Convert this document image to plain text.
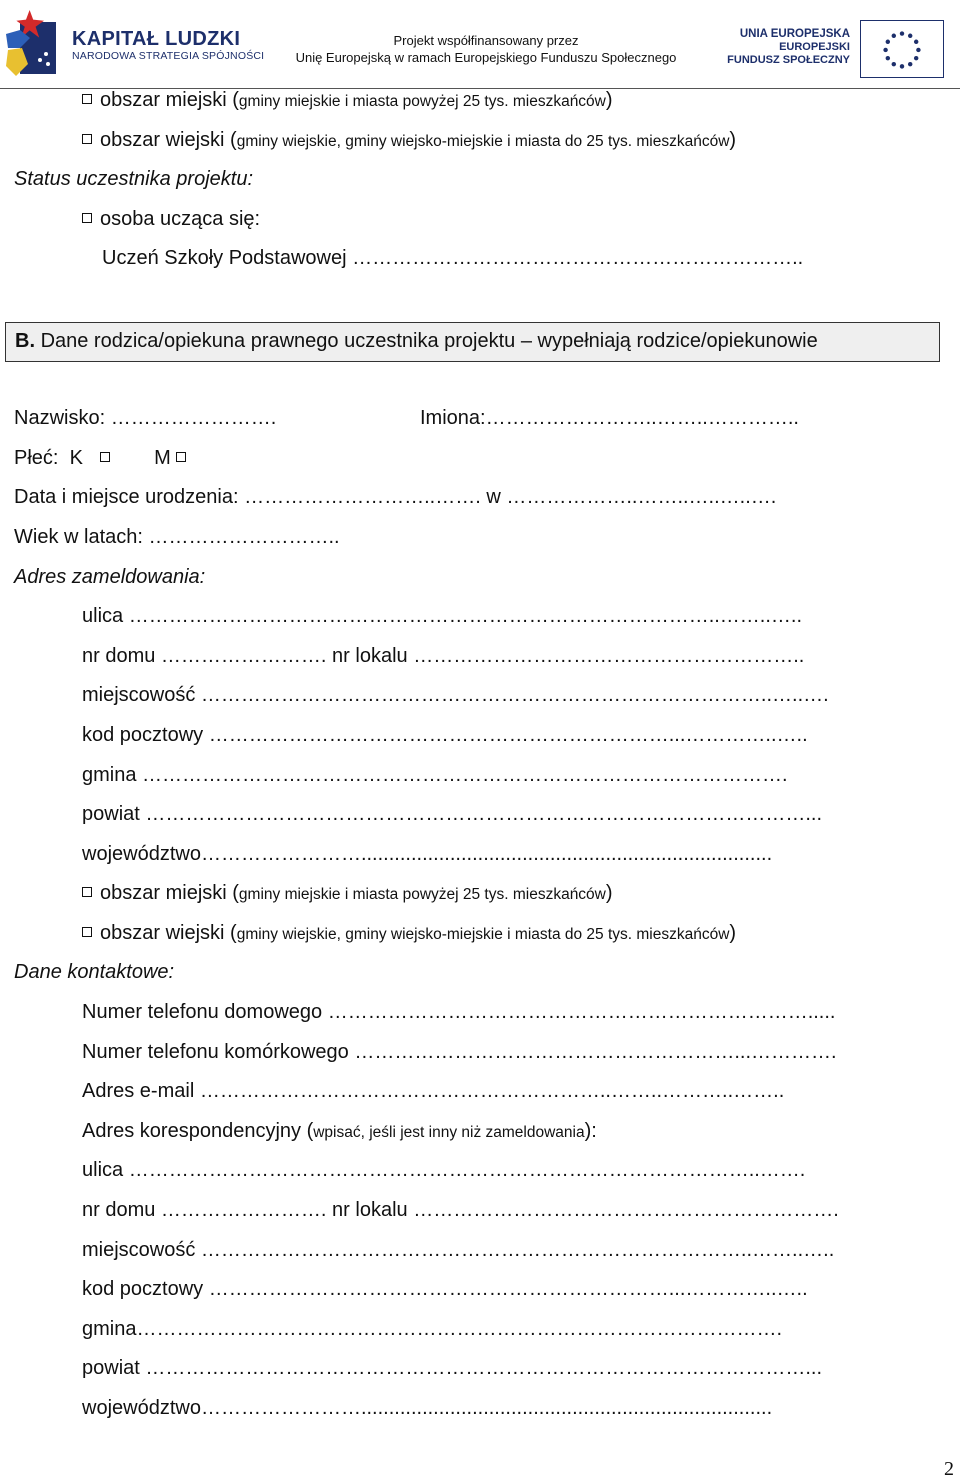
KAPITAŁ LUDZKI
NARODOWA STRATEGIA SPÓJNOŚCI
Projekt współfinansowany przez
Unię Europejską w ramach Europejskiego Funduszu Społecznego
UNIA EUROPEJSKA
EUROPEJSKI
FUNDUSZ SPOŁECZNY
obszar miejski (gminy miejskie i miasta powyżej 25 tys. mieszkańców)
obszar wiejski (gminy wiejskie, gminy wiejsko-miejskie i miasta do 25 tys. mieszkańców)
Status uczestnika projektu:
osoba ucząca się:
Uczeń Szkoły Podstawowej …………………………………………………………..
B. Dane rodzica/opiekuna prawnego uczestnika projektu – wypełniają rodzice/opiekunowie
Nazwisko: …………………….	Imiona:……………………..……..…………..
Płeć: K	M
Data i miejsce urodzenia: ………………………..……. w ………………..……..…..…..….
Wiek w latach: ………………………..
Adres zameldowania:
ulica ……………………………………………………………………………..……..…..
nr domu ……………………. nr lokalu …………………………………………………..
miejscowość …………………………………………………………………………..…..….
kod pocztowy ……………………………………………………………...…………..…..
gmina …………………………………………………………………………………….
powiat ………………………………………………………………………………………...
województwo……………………..........................................................................
obszar miejski (gminy miejskie i miasta powyżej 25 tys. mieszkańców)
obszar wiejski (gminy wiejskie, gminy wiejsko-miejskie i miasta do 25 tys. mieszkańców)
Dane kontaktowe:
Numer telefonu domowego ……………………………………………………………….....
Numer telefonu komórkowego …………………………………………………...………….
Adres e-mail ……………………………………………………..……..………..……..
Adres korespondencyjny (wpisać, jeśli jest inny niż zameldowania):
ulica …………………………………………………………………………………..…….
nr domu ……………………. nr lokalu ……………………………………………………….
miejscowość ………………………………………………………………………..……..…..
kod pocztowy ……………………………………………………………...…………..…..
gmina…………………………………………………………………………………….
powiat ………………………………………………………………………………………...
województwo……………………..........................................................................
2
